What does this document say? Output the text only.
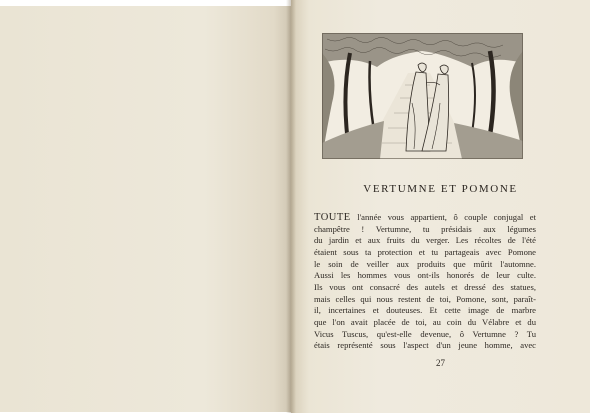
VERTUMNE ET POMONE
TOUTE l'année vous appartient, ô couple conjugal et
champêtre ! Vertumne, tu présidais aux légumes
du jardin et aux fruits du verger. Les récoltes de l'été
étaient sous ta protection et tu partageais avec Pomone
le soin de veiller aux produits que mûrit l'automne.
Aussi les hommes vous ont-ils honorés de leur culte.
Ils vous ont consacré des autels et dressé des statues,
mais celles qui nous restent de toi, Pomone, sont, paraît-
il, incertaines et douteuses. Et cette image de marbre
que l'on avait placée de toi, au coin du Vélabre et du
Vicus Tuscus, qu'est-elle devenue, ô Vertumne ? Tu
étais représenté sous l'aspect d'un jeune homme, avec
27
